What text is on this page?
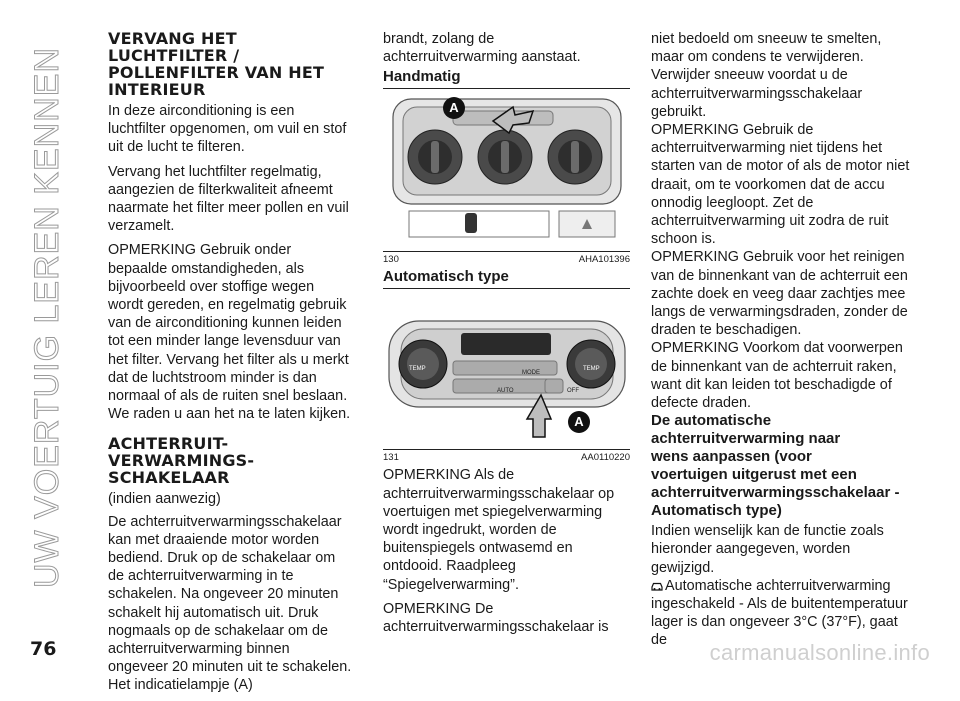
UW VOERTUIG LEREN KENNEN
VERVANG HET
LUCHTFILTER /
POLLENFILTER VAN HET
INTERIEUR

In deze airconditioning is een luchtfilter opgenomen, om vuil en stof uit de lucht te filteren.

Vervang het luchtfilter regelmatig, aangezien de filterkwaliteit afneemt naarmate het filter meer pollen en vuil verzamelt.

OPMERKING Gebruik onder bepaalde omstandigheden, als bijvoorbeeld over stoffige wegen wordt gereden, en regelmatig gebruik van de airconditioning kunnen leiden tot een minder lange levensduur van het filter. Vervang het filter als u merkt dat de luchtstroom minder is dan normaal of als de ruiten snel beslaan. We raden u aan het na te laten kijken.

ACHTERRUIT-
VERWARMINGS-
SCHAKELAAR

(indien aanwezig)

De achterruitverwarmingsschakelaar kan met draaiende motor worden bediend. Druk op de schakelaar om de achterruitverwarming in te schakelen. Na ongeveer 20 minuten schakelt hij automatisch uit. Druk nogmaals op de schakelaar om de achterruitverwarming binnen ongeveer 20 minuten uit te schakelen. Het indicatielampje (A)

brandt, zolang de achterruitverwarming aanstaat.

Handmatig
A
130	AHA101396
Automatisch type
TEMP	TEMP
MODE
AUTO	OFF
A
131	AA0110220

OPMERKING Als de achterruitverwarmingsschakelaar op voertuigen met spiegelverwarming wordt ingedrukt, worden de buitenspiegels ontwasemd en ontdooid. Raadpleeg “Spiegelverwarming”.

OPMERKING De achterruitverwarmingsschakelaar is

niet bedoeld om sneeuw te smelten, maar om condens te verwijderen. Verwijder sneeuw voordat u de achterruitverwarmingsschakelaar gebruikt.

OPMERKING Gebruik de achterruitverwarming niet tijdens het starten van de motor of als de motor niet draait, om te voorkomen dat de accu onnodig leegloopt. Zet de achterruitverwarming uit zodra de ruit schoon is.

OPMERKING Gebruik voor het reinigen van de binnenkant van de achterruit een zachte doek en veeg daar zachtjes mee langs de verwarmingsdraden, zonder de draden te beschadigen.

OPMERKING Voorkom dat voorwerpen de binnenkant van de achterruit raken, want dit kan leiden tot beschadigde of defecte draden.

De automatische
achterruitverwarming naar
wens aanpassen (voor
voertuigen uitgerust met een
achterruitverwarmingsschakelaar -
Automatisch type)

Indien wenselijk kan de functie zoals hieronder aangegeven, worden gewijzigd.

Automatische achterruitverwarming ingeschakeld - Als de buitentemperatuur lager is dan ongeveer 3°C (37°F), gaat de

76	carmanualsonline.info
